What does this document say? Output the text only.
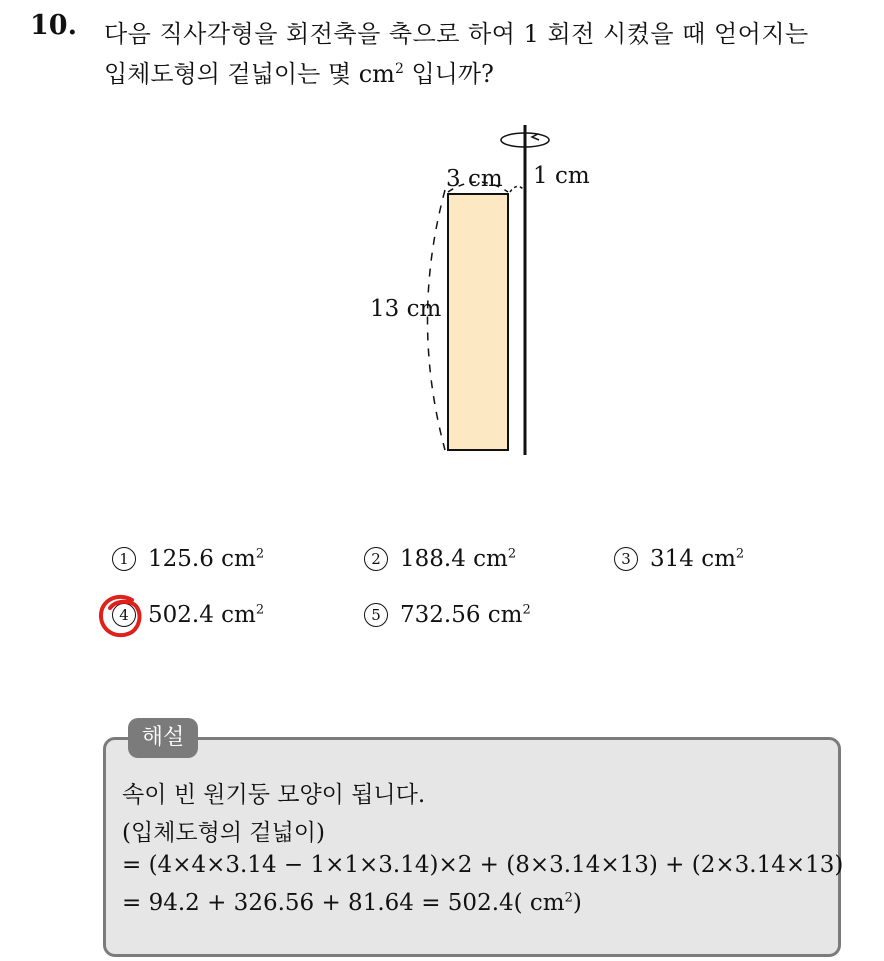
10. 다음 직사각형을 회전축을 축으로 하여 1 회전 시켰을 때 얻어지는
입체도형의 겉넓이는 몇 $cm^2$ 입니까?
3 cm 1 cm
13 cm
1 125.6 $cm^2$	2 188.4 $cm^2$	3 314 $cm^2$
4 502.4 $cm^2$	5 732.56 $cm^2$
해설
속이 빈 원기둥 모양이 됩니다.
(입체도형의 겉넓이)
= (4×4×3.14 − 1×1×3.14)×2 + (8×3.14×13) + (2×3.14×13)
= 94.2 + 326.56 + 81.64 = 502.4( $cm^2$)
